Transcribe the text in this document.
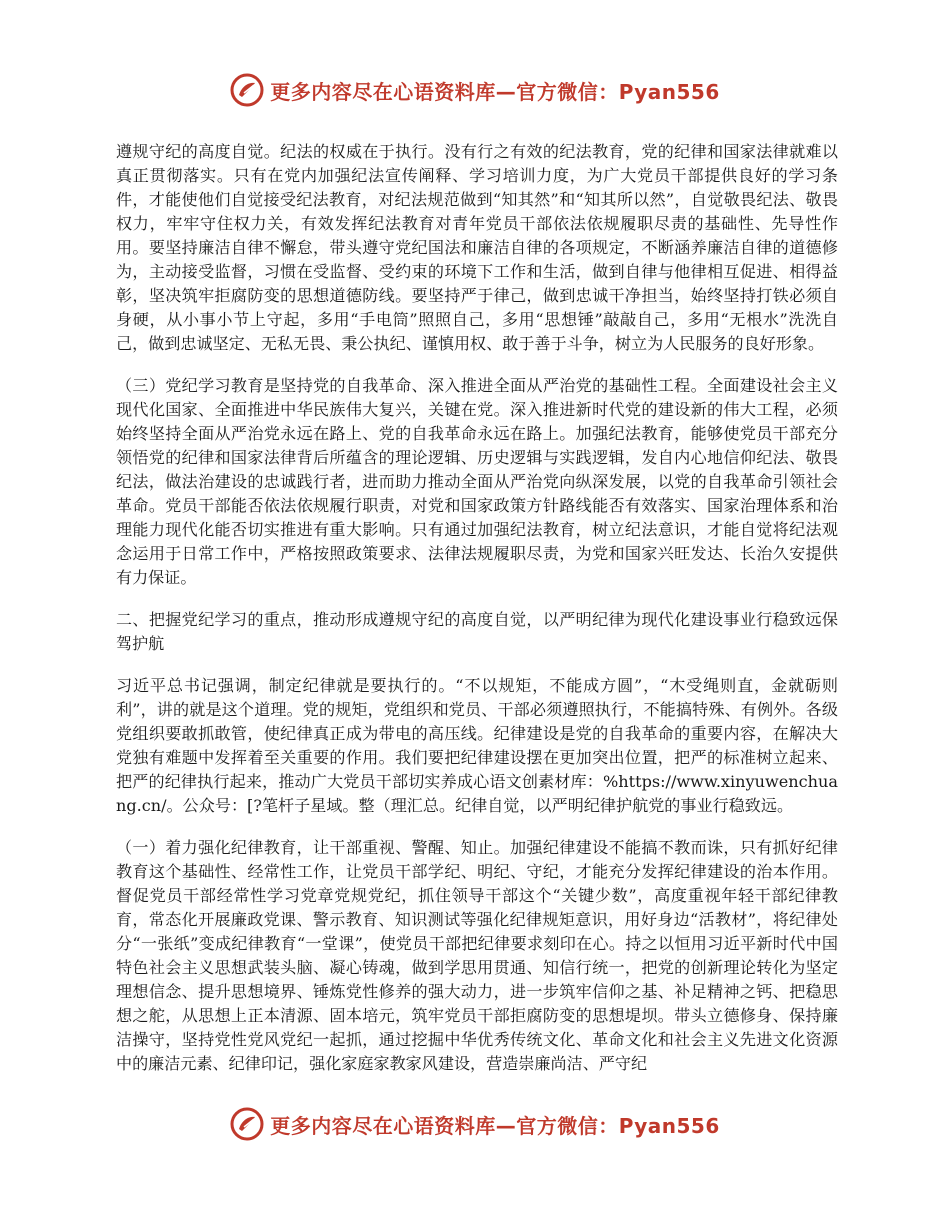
更多内容尽在心语资料库—官方微信：Pyan556

遵规守纪的高度自觉。纪法的权威在于执行。没有行之有效的纪法教育，党的纪律和国家法律就难以真正贯彻落实。只有在党内加强纪法宣传阐释、学习培训力度，为广大党员干部提供良好的学习条件，才能使他们自觉接受纪法教育，对纪法规范做到“知其然”和“知其所以然”，自觉敬畏纪法、敬畏权力，牢牢守住权力关，有效发挥纪法教育对青年党员干部依法依规履职尽责的基础性、先导性作用。要坚持廉洁自律不懈怠，带头遵守党纪国法和廉洁自律的各项规定，不断涵养廉洁自律的道德修为，主动接受监督，习惯在受监督、受约束的环境下工作和生活，做到自律与他律相互促进、相得益彰，坚决筑牢拒腐防变的思想道德防线。要坚持严于律己，做到忠诚干净担当，始终坚持打铁必须自身硬，从小事小节上守起，多用“手电筒”照照自己，多用“思想锤”敲敲自己，多用“无根水”洗洗自己，做到忠诚坚定、无私无畏、秉公执纪、谨慎用权、敢于善于斗争，树立为人民服务的良好形象。

（三）党纪学习教育是坚持党的自我革命、深入推进全面从严治党的基础性工程。全面建设社会主义现代化国家、全面推进中华民族伟大复兴，关键在党。深入推进新时代党的建设新的伟大工程，必须始终坚持全面从严治党永远在路上、党的自我革命永远在路上。加强纪法教育，能够使党员干部充分领悟党的纪律和国家法律背后所蕴含的理论逻辑、历史逻辑与实践逻辑，发自内心地信仰纪法、敬畏纪法，做法治建设的忠诚践行者，进而助力推动全面从严治党向纵深发展，以党的自我革命引领社会革命。党员干部能否依法依规履行职责，对党和国家政策方针路线能否有效落实、国家治理体系和治理能力现代化能否切实推进有重大影响。只有通过加强纪法教育，树立纪法意识，才能自觉将纪法观念运用于日常工作中，严格按照政策要求、法律法规履职尽责，为党和国家兴旺发达、长治久安提供有力保证。

二、把握党纪学习的重点，推动形成遵规守纪的高度自觉，以严明纪律为现代化建设事业行稳致远保驾护航

习近平总书记强调，制定纪律就是要执行的。“不以规矩，不能成方圆”，“木受绳则直，金就砺则利”，讲的就是这个道理。党的规矩，党组织和党员、干部必须遵照执行，不能搞特殊、有例外。各级党组织要敢抓敢管，使纪律真正成为带电的高压线。纪律建设是党的自我革命的重要内容，在解决大党独有难题中发挥着至关重要的作用。我们要把纪律建设摆在更加突出位置，把严的标准树立起来、把严的纪律执行起来，推动广大党员干部切实养成心语文创素材库：%https://www.xinyuwenchuang.cn/。公众号：[?笔杆子星域。整（理汇总。纪律自觉，以严明纪律护航党的事业行稳致远。

（一）着力强化纪律教育，让干部重视、警醒、知止。加强纪律建设不能搞不教而诛，只有抓好纪律教育这个基础性、经常性工作，让党员干部学纪、明纪、守纪，才能充分发挥纪律建设的治本作用。督促党员干部经常性学习党章党规党纪，抓住领导干部这个“关键少数”，高度重视年轻干部纪律教育，常态化开展廉政党课、警示教育、知识测试等强化纪律规矩意识，用好身边“活教材”，将纪律处分“一张纸”变成纪律教育“一堂课”，使党员干部把纪律要求刻印在心。持之以恒用习近平新时代中国特色社会主义思想武装头脑、凝心铸魂，做到学思用贯通、知信行统一，把党的创新理论转化为坚定理想信念、提升思想境界、锤炼党性修养的强大动力，进一步筑牢信仰之基、补足精神之钙、把稳思想之舵，从思想上正本清源、固本培元，筑牢党员干部拒腐防变的思想堤坝。带头立德修身、保持廉洁操守，坚持党性党风党纪一起抓，通过挖掘中华优秀传统文化、革命文化和社会主义先进文化资源中的廉洁元素、纪律印记，强化家庭家教家风建设，营造崇廉尚洁、严守纪

更多内容尽在心语资料库—官方微信：Pyan556
